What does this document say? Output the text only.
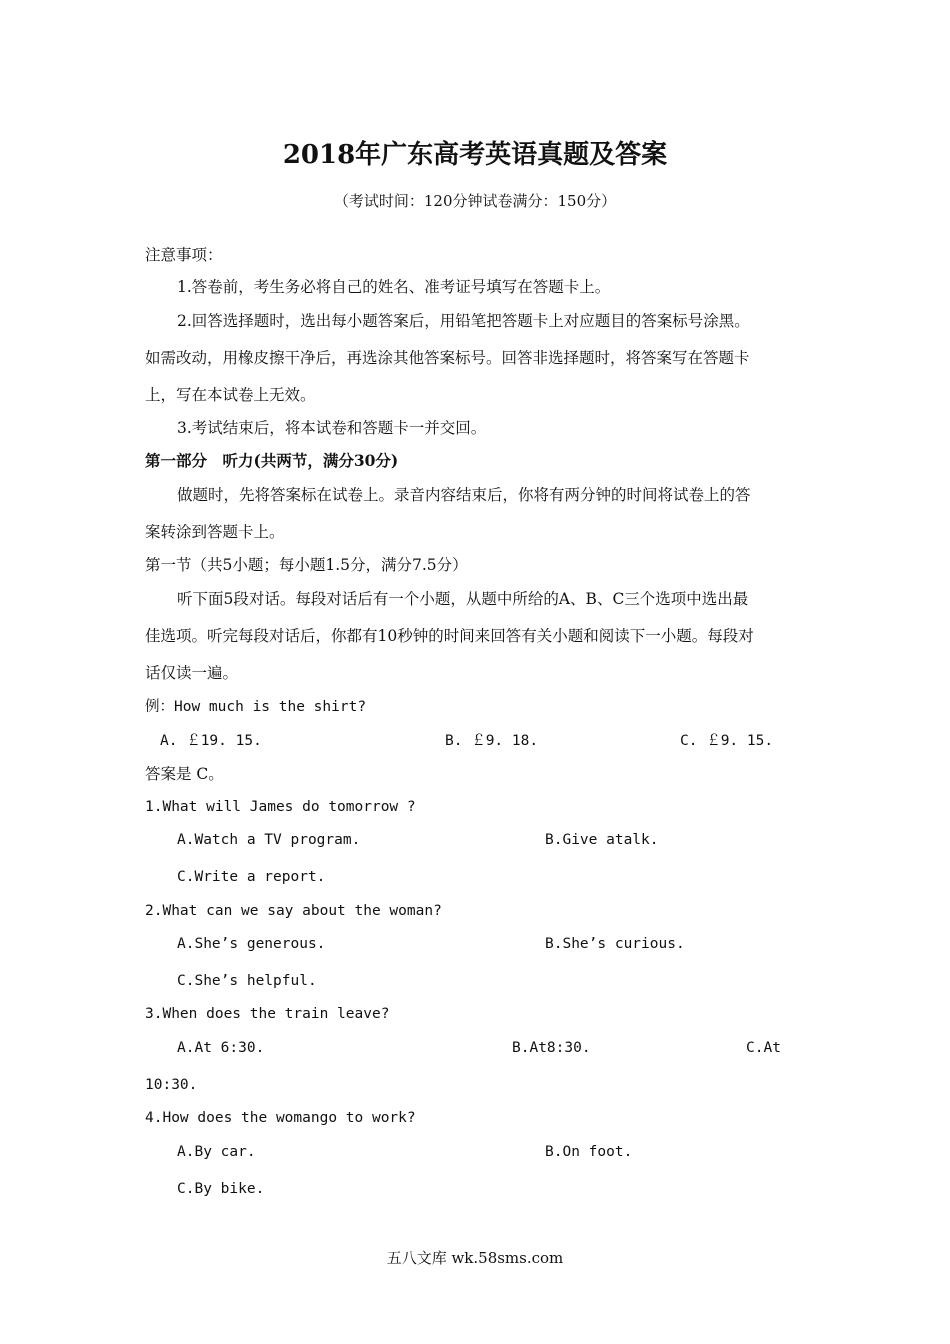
2018年广东高考英语真题及答案
（考试时间：120分钟试卷满分：150分）
注意事项：
1.答卷前，考生务必将自己的姓名、准考证号填写在答题卡上。
2.回答选择题时，选出每小题答案后，用铅笔把答题卡上对应题目的答案标号涂黑。
如需改动，用橡皮擦干净后，再选涂其他答案标号。回答非选择题时，将答案写在答题卡
上，写在本试卷上无效。
3.考试结束后，将本试卷和答题卡一并交回。
第一部分　听力(共两节，满分30分)
做题时，先将答案标在试卷上。录音内容结束后，你将有两分钟的时间将试卷上的答
案转涂到答题卡上。
第一节（共5小题；每小题1.5分，满分7.5分）
听下面5段对话。每段对话后有一个小题，从题中所给的A、B、C三个选项中选出最
佳选项。听完每段对话后，你都有10秒钟的时间来回答有关小题和阅读下一小题。每段对
话仅读一遍。
例：How much is the shirt?
A. ￡19. 15.	B. ￡9. 18.	C. ￡9. 15.
答案是 C。
1.What will James do tomorrow ?
A.Watch a TV program.	B.Give atalk.
C.Write a report.
2.What can we say about the woman?
A.She’s generous.	B.She’s curious.
C.She’s helpful.
3.When does the train leave?
A.At 6:30.	B.At8:30.	C.At
10:30.
4.How does the womango to work?
A.By car.	B.On foot.
C.By bike.
五八文库 wk.58sms.com
